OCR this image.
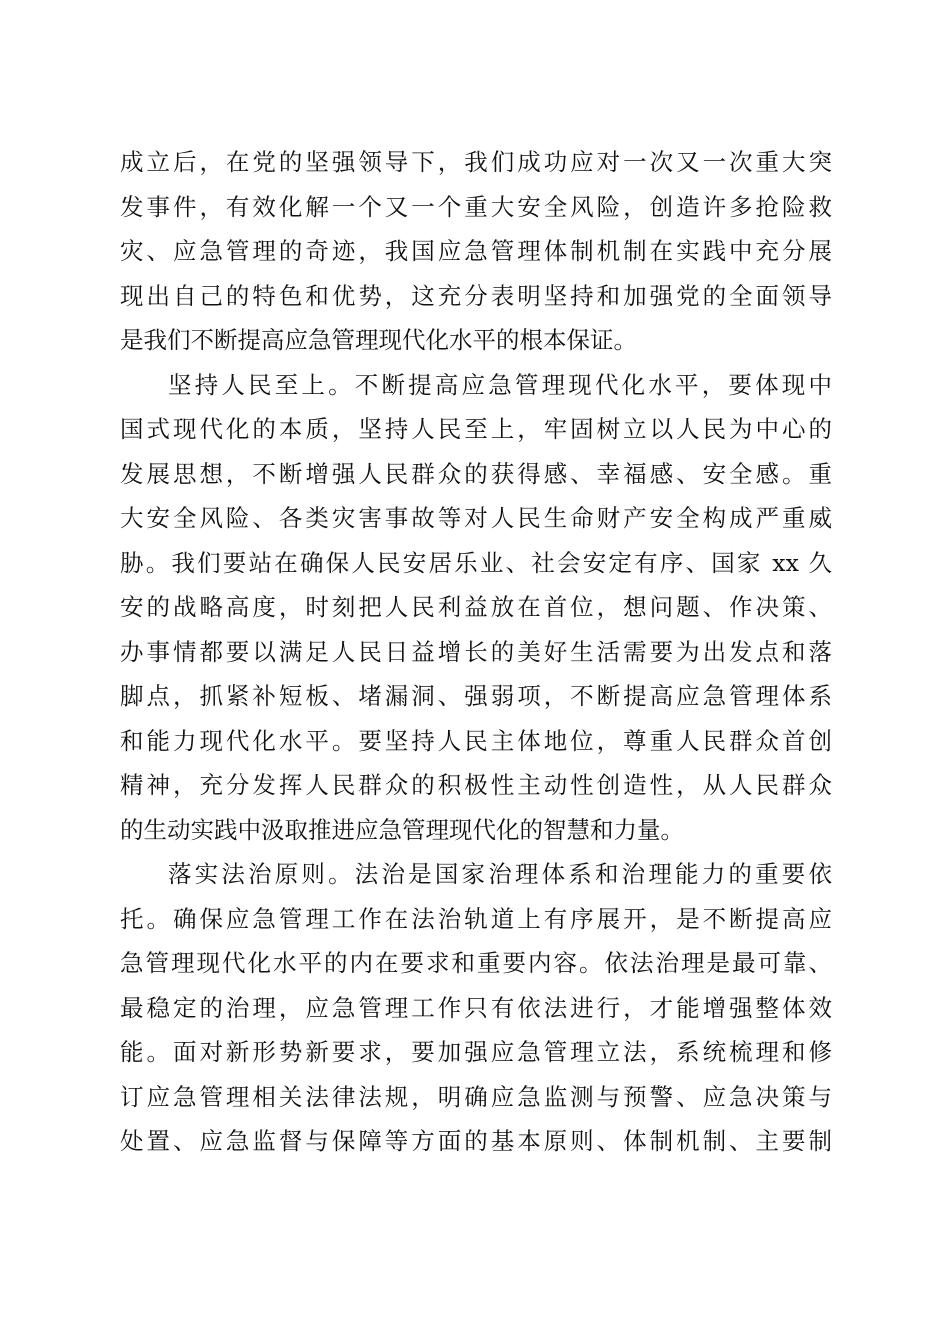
成立后，在党的坚强领导下，我们成功应对一次又一次重大突
发事件，有效化解一个又一个重大安全风险，创造许多抢险救
灾、应急管理的奇迹，我国应急管理体制机制在实践中充分展
现出自己的特色和优势，这充分表明坚持和加强党的全面领导
是我们不断提高应急管理现代化水平的根本保证。
坚持人民至上。不断提高应急管理现代化水平，要体现中
国式现代化的本质，坚持人民至上，牢固树立以人民为中心的
发展思想，不断增强人民群众的获得感、幸福感、安全感。重
大安全风险、各类灾害事故等对人民生命财产安全构成严重威
胁。我们要站在确保人民安居乐业、社会安定有序、国家 xx 久
安的战略高度，时刻把人民利益放在首位，想问题、作决策、
办事情都要以满足人民日益增长的美好生活需要为出发点和落
脚点，抓紧补短板、堵漏洞、强弱项，不断提高应急管理体系
和能力现代化水平。要坚持人民主体地位，尊重人民群众首创
精神，充分发挥人民群众的积极性主动性创造性，从人民群众
的生动实践中汲取推进应急管理现代化的智慧和力量。
落实法治原则。法治是国家治理体系和治理能力的重要依
托。确保应急管理工作在法治轨道上有序展开，是不断提高应
急管理现代化水平的内在要求和重要内容。依法治理是最可靠、
最稳定的治理，应急管理工作只有依法进行，才能增强整体效
能。面对新形势新要求，要加强应急管理立法，系统梳理和修
订应急管理相关法律法规，明确应急监测与预警、应急决策与
处置、应急监督与保障等方面的基本原则、体制机制、主要制
